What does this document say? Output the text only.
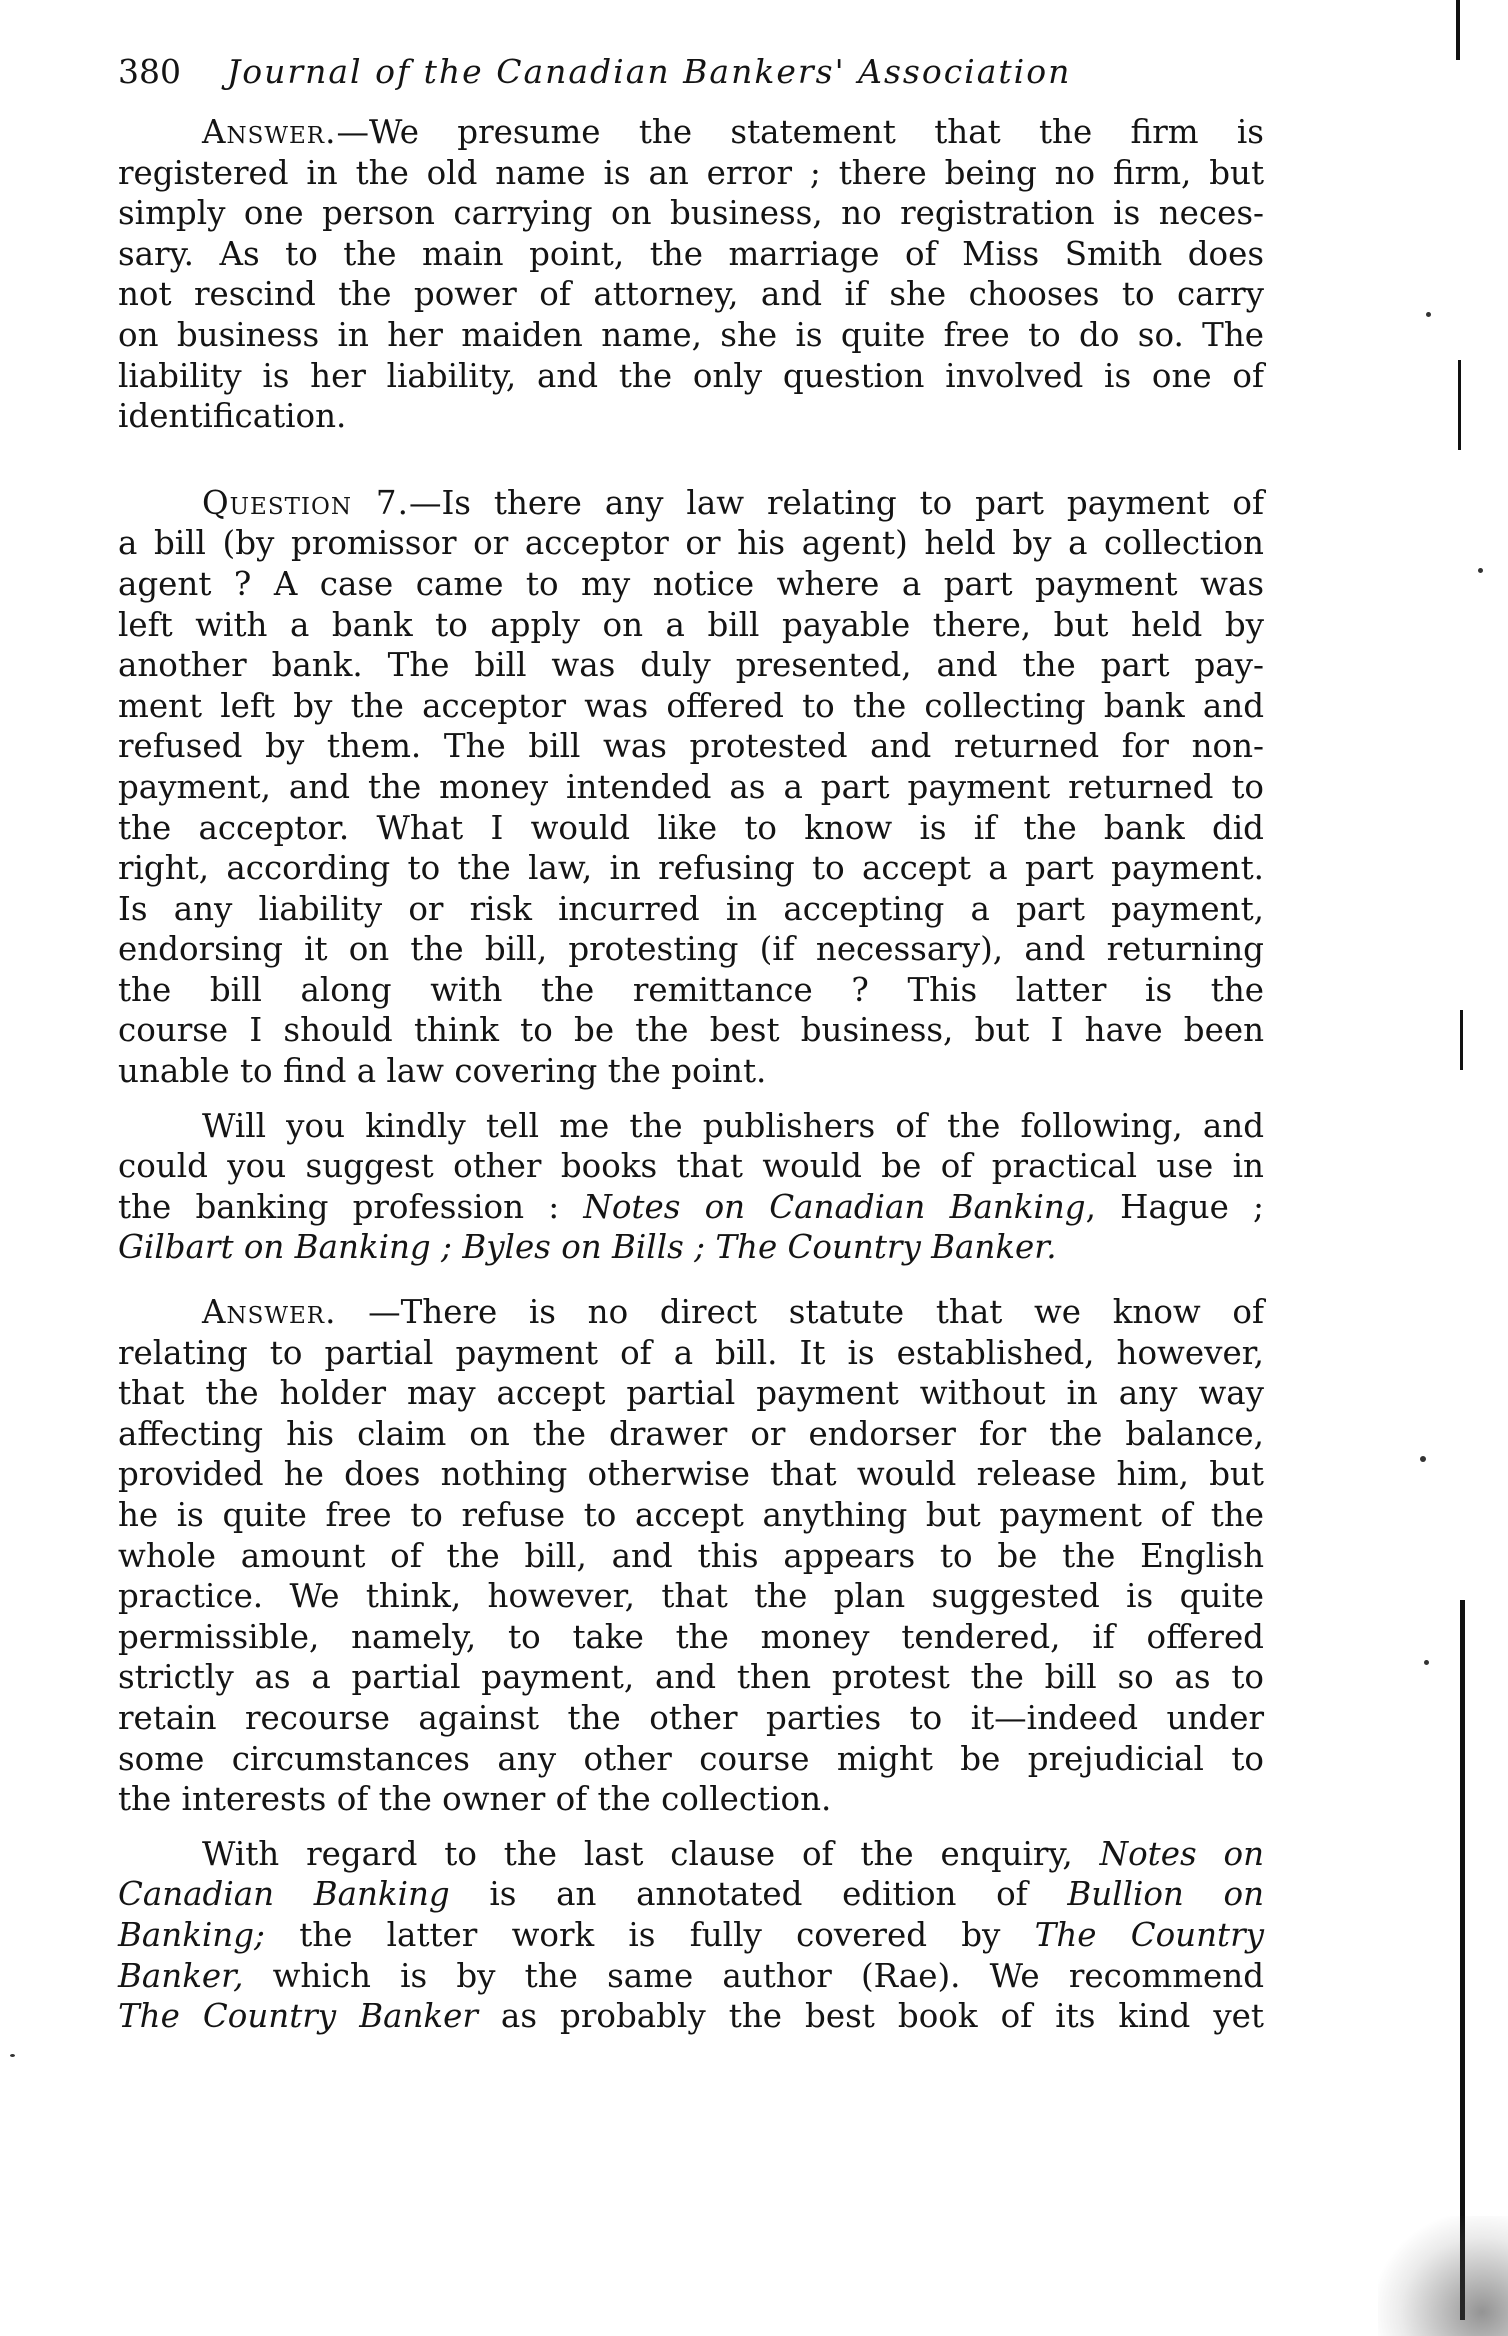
380 Journal of the Canadian Bankers' Association
Answer.—We presume the statement that the firm is
registered in the old name is an error ; there being no firm, but
simply one person carrying on business, no registration is neces-
sary. As to the main point, the marriage of Miss Smith does
not rescind the power of attorney, and if she chooses to carry
on business in her maiden name, she is quite free to do so. The
liability is her liability, and the only question involved is one of
identification.
Question 7.—Is there any law relating to part payment of
a bill (by promissor or acceptor or his agent) held by a collection
agent ? A case came to my notice where a part payment was
left with a bank to apply on a bill payable there, but held by
another bank. The bill was duly presented, and the part pay-
ment left by the acceptor was offered to the collecting bank and
refused by them. The bill was protested and returned for non-
payment, and the money intended as a part payment returned to
the acceptor. What I would like to know is if the bank did
right, according to the law, in refusing to accept a part payment.
Is any liability or risk incurred in accepting a part payment,
endorsing it on the bill, protesting (if necessary), and returning
the bill along with the remittance ? This latter is the
course I should think to be the best business, but I have been
unable to find a law covering the point.
Will you kindly tell me the publishers of the following, and
could you suggest other books that would be of practical use in
the banking profession : Notes on Canadian Banking, Hague ;
Gilbart on Banking ; Byles on Bills ; The Country Banker.
Answer. —There is no direct statute that we know of
relating to partial payment of a bill. It is established, however,
that the holder may accept partial payment without in any way
affecting his claim on the drawer or endorser for the balance,
provided he does nothing otherwise that would release him, but
he is quite free to refuse to accept anything but payment of the
whole amount of the bill, and this appears to be the English
practice. We think, however, that the plan suggested is quite
permissible, namely, to take the money tendered, if offered
strictly as a partial payment, and then protest the bill so as to
retain recourse against the other parties to it—indeed under
some circumstances any other course might be prejudicial to
the interests of the owner of the collection.
With regard to the last clause of the enquiry, Notes on
Canadian Banking is an annotated edition of Bullion on
Banking; the latter work is fully covered by The Country
Banker, which is by the same author (Rae). We recommend
The Country Banker as probably the best book of its kind yet
